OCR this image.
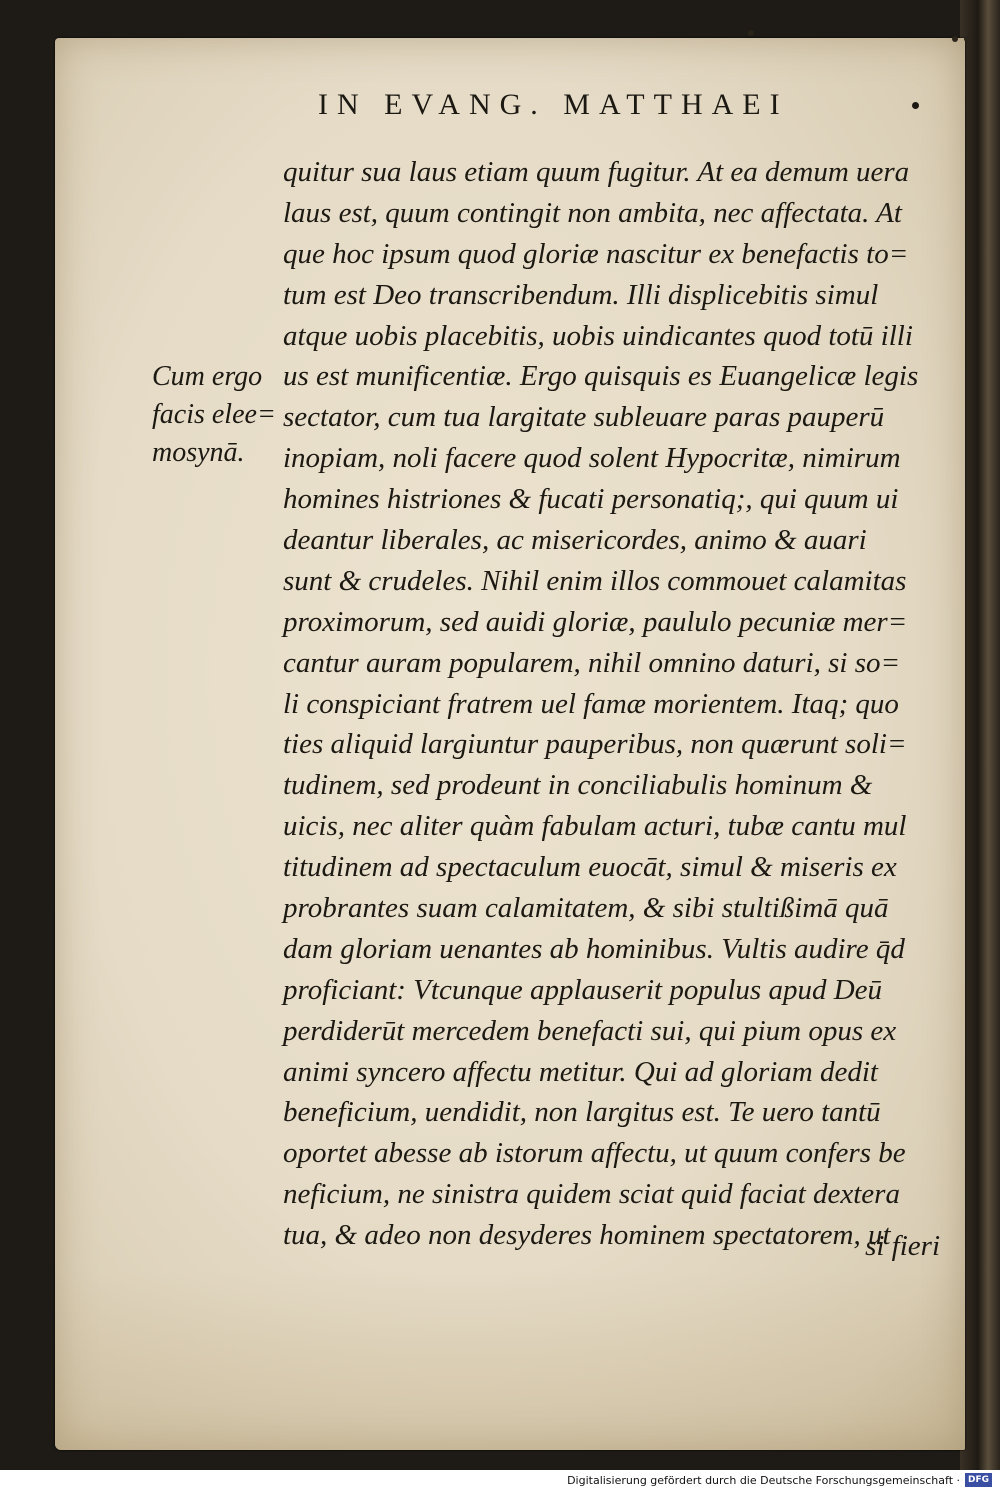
IN EVANG. MATTHAEI
Cum ergo
facis elee=
mosynā.
quitur sua laus etiam quum fugitur. At ea demum uera
laus est, quum contingit non ambita, nec affectata. At
que hoc ipsum quod gloriæ nascitur ex benefactis to=
tum est Deo transcribendum. Illi displicebitis simul
atque uobis placebitis, uobis uindicantes quod totū illi
us est munificentiæ. Ergo quisquis es Euangelicæ legis
sectator, cum tua largitate subleuare paras pauperū
inopiam, noli facere quod solent Hypocritæ, nimirum
homines histriones & fucati personatiq;, qui quum ui
deantur liberales, ac misericordes, animo & auari
sunt & crudeles. Nihil enim illos commouet calamitas
proximorum, sed auidi gloriæ, paululo pecuniæ mer=
cantur auram popularem, nihil omnino daturi, si so=
li conspiciant fratrem uel famæ morientem. Itaq; quo
ties aliquid largiuntur pauperibus, non quærunt soli=
tudinem, sed prodeunt in conciliabulis hominum &
uicis, nec aliter quàm fabulam acturi, tubæ cantu mul
titudinem ad spectaculum euocāt, simul & miseris ex
probrantes suam calamitatem, & sibi stultißimā quā
dam gloriam uenantes ab hominibus. Vultis audire q̄d
proficiant: Vtcunque applauserit populus apud Deū
perdiderūt mercedem benefacti sui, qui pium opus ex
animi syncero affectu metitur. Qui ad gloriam dedit
beneficium, uendidit, non largitus est. Te uero tantū
oportet abesse ab istorum affectu, ut quum confers be
neficium, ne sinistra quidem sciat quid faciat dextera
tua, & adeo non desyderes hominem spectatorem, ut
si fieri
Digitalisierung gefördert durch die Deutsche Forschungsgemeinschaft · DFG
